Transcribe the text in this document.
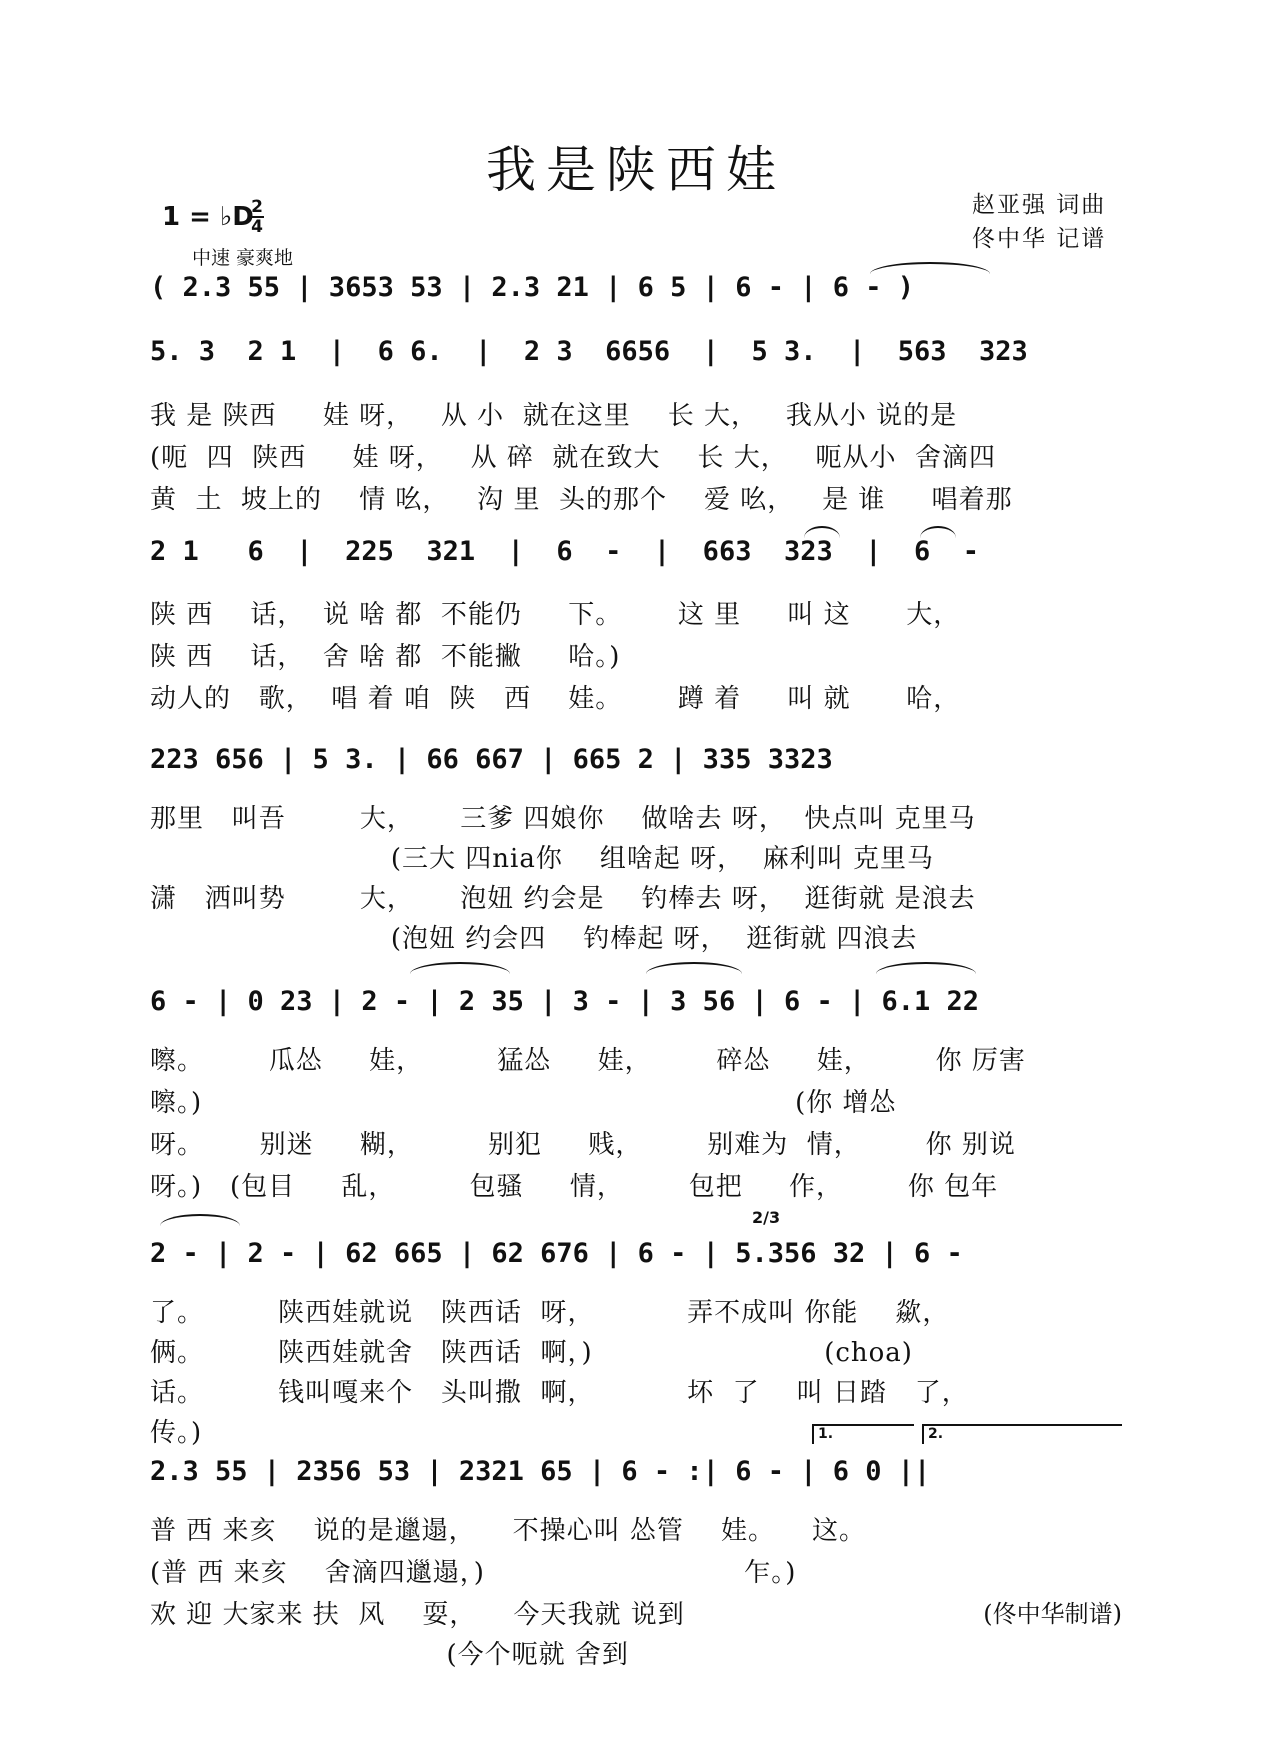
我是陕西娃
1 = ♭D
2
4
中速 豪爽地
赵亚强 词曲
佟中华 记谱
( 2.3 55 | 3653 53 | 2.3 21 | 6 5 | 6 - | 6 - )
5. 3  2 1  |  6 6.  |  2 3  6656  |  5 3.  |  563  323
我 是 陕西     娃 呀，   从 小  就在这里    长 大，   我从小 说的是
(呃  四  陕西     娃 呀，   从 碎  就在致大    长 大，   呃从小  舍滴四
黄  土  坡上的    情 吆，   沟 里  头的那个    爱 吆，   是 谁     唱着那
2 1   6  |  225  321  |  6  -  |  663  323  |  6  -
陕 西    话，  说 啥 都  不能仍     下。      这 里     叫 这      大，
陕 西    话，  舍 啥 都  不能撇     哈。)
动人的   歌，  唱 着 咱  陕   西    娃。      蹲 着     叫 就      哈，
223 656 | 5 3. | 66 667 | 665 2 | 335 3323
那里   叫吾        大，     三爹 四娘你    做啥去 呀，  快点叫 克里马
(三大 四nia你    组啥起 呀，  麻利叫 克里马
潇   洒叫势        大，     泡妞 约会是    钓棒去 呀，  逛街就 是浪去
(泡妞 约会四    钓棒起 呀，  逛街就 四浪去
6 - | 0 23 | 2 - | 2 35 | 3 - | 3 56 | 6 - | 6.1 22
嚓。       瓜怂     娃，        猛怂     娃，       碎怂     娃，       你 厉害
嚓。)                                                                (你 增怂
呀。      别迷     糊，        别犯     贱，       别难为  情，       你 别说
呀。)   (包目     乱，        包骚     情，       包把     作，       你 包年
2 - | 2 - | 62 665 | 62 676 | 6 - | 5.356 32 | 6 -
2/3
了。        陕西娃就说   陕西话  呀，          弄不成叫 你能    歘，
俩。        陕西娃就舍   陕西话  啊，)                         (choa)
话。        钱叫嘎来个   头叫撒  啊，          坏  了    叫 日踏   了，
传。)	1.	2.
2.3 55 | 2356 53 | 2321 65 | 6 - :| 6 - | 6 0 ||
普 西 来亥    说的是邋遢，    不操心叫 怂管    娃。    这。
(普 西 来亥    舍滴四邋遢，)                            乍。)
欢 迎 大家来 扶  风    耍，    今天我就 说到
(今个呃就 舍到
(佟中华制谱)
